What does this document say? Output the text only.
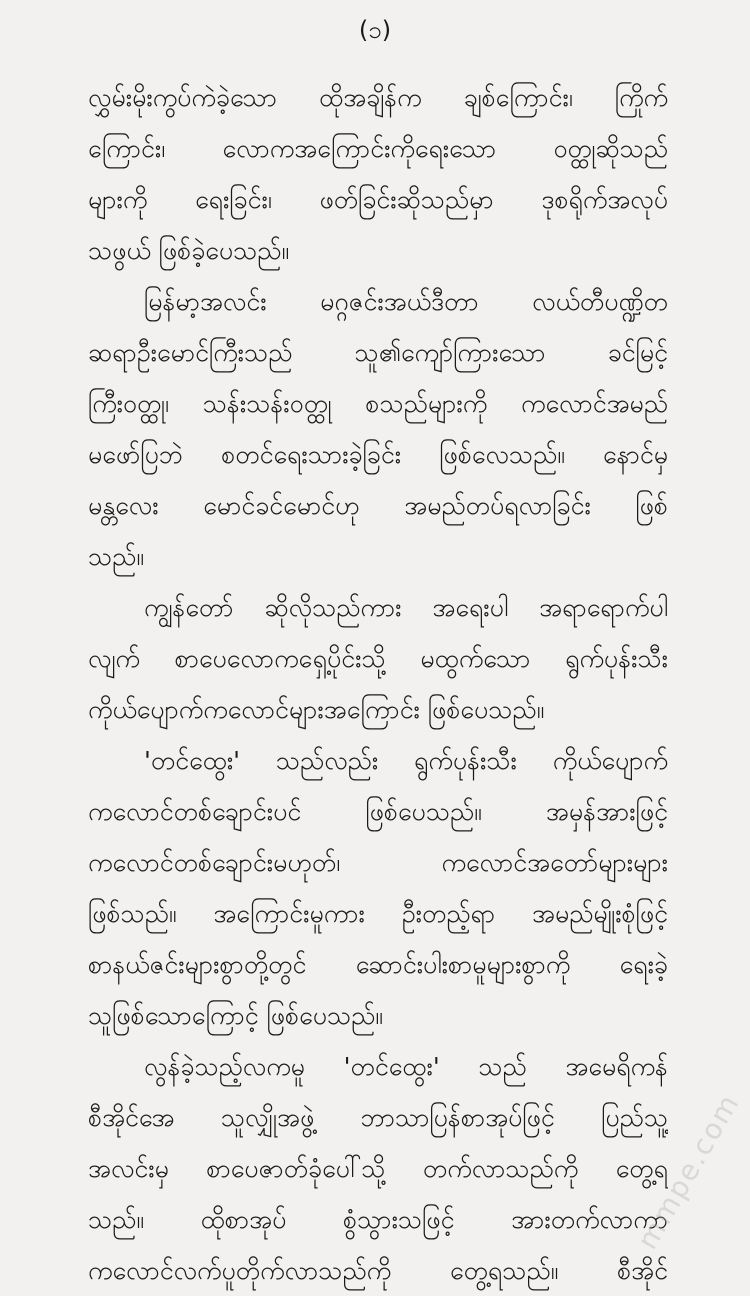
(၁)
လွှမ်းမိုးကွပ်ကဲခဲ့သော ထိုအချိန်က ချစ်ကြောင်း၊ ကြိုက်
ကြောင်း၊ လောကအကြောင်းကိုရေးသော ဝတ္ထုဆိုသည်
များကို ရေးခြင်း၊ ဖတ်ခြင်းဆိုသည်မှာ ဒုစရိုက်အလုပ်
သဖွယ် ဖြစ်ခဲ့ပေသည်။
မြန်မာ့အလင်း မဂ္ဂဇင်းအယ်ဒီတာ လယ်တီပဏ္ဍိတ
ဆရာဦးမောင်ကြီးသည် သူ၏ကျော်ကြားသော ခင်မြင့်
ကြီးဝတ္ထု၊ သန်းသန်းဝတ္ထု စသည်များကို ကလောင်အမည်
မဖော်ပြဘဲ စတင်ရေးသားခဲ့ခြင်း ဖြစ်လေသည်။ နောင်မှ
မန္တလေး မောင်ခင်မောင်ဟု အမည်တပ်ရလာခြင်း ဖြစ်
သည်။
ကျွန်တော် ဆိုလိုသည်ကား အရေးပါ အရာရောက်ပါ
လျက် စာပေလောကရှေ့ပိုင်းသို့ မထွက်သော ရွက်ပုန်းသီး
ကိုယ်ပျောက်ကလောင်များအကြောင်း ဖြစ်ပေသည်။
'တင်ထွေး' သည်လည်း ရွက်ပုန်းသီး ကိုယ်ပျောက်
ကလောင်တစ်ချောင်းပင် ဖြစ်ပေသည်။ အမှန်အားဖြင့်
ကလောင်တစ်ချောင်းမဟုတ်၊ ကလောင်အတော်များများ
ဖြစ်သည်။ အကြောင်းမူကား ဦးတည့်ရာ အမည်မျိုးစုံဖြင့်
စာနယ်ဇင်းများစွာတို့တွင် ဆောင်းပါးစာမူများစွာကို ရေးခဲ့
သူဖြစ်သောကြောင့် ဖြစ်ပေသည်။
လွန်ခဲ့သည့်လကမူ 'တင်ထွေး' သည် အမေရိကန်
စီအိုင်အေ သူလျှိုအဖွဲ့ ဘာသာပြန်စာအုပ်ဖြင့် ပြည်သူ့
အလင်းမှ စာပေဇာတ်ခုံပေါ်သို့ တက်လာသည်ကို တွေ့ရ
သည်။ ထိုစာအုပ် စွံသွားသဖြင့် အားတက်လာကာ
ကလောင်လက်ပူတိုက်လာသည်ကို တွေ့ရသည်။ စီအိုင်
mmpe.com
